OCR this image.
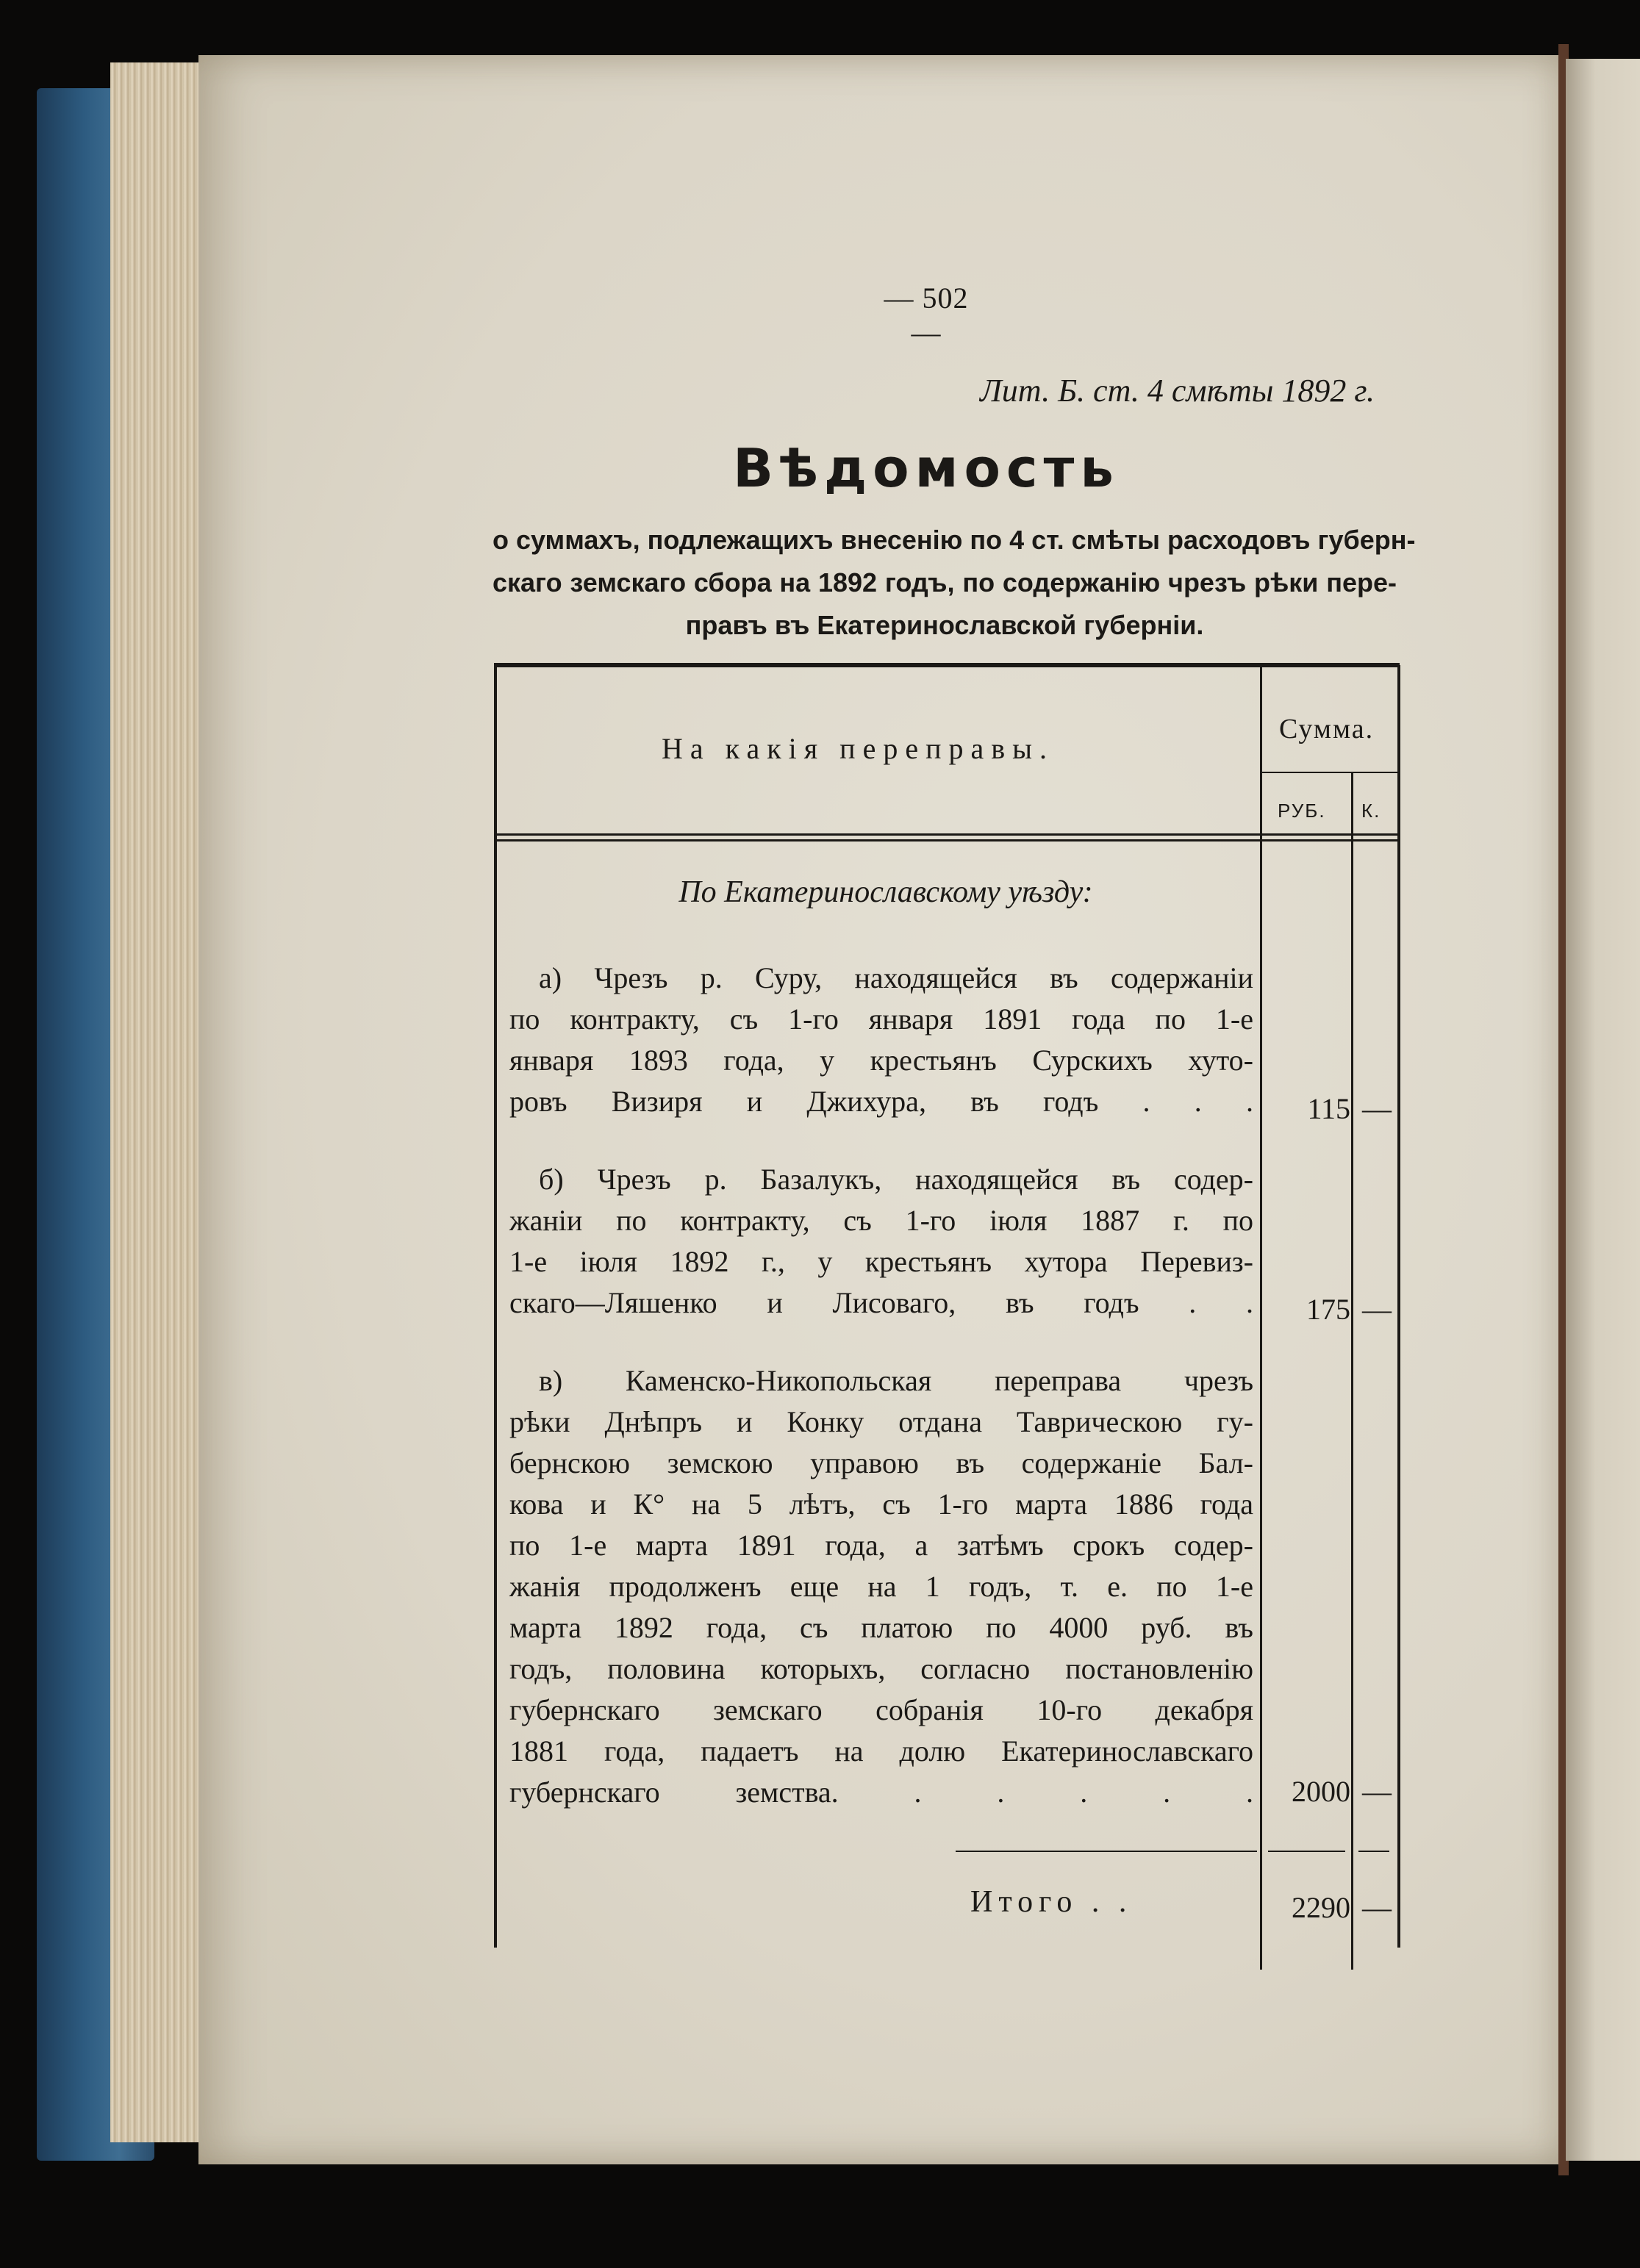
— 502 —
Лит. Б. ст. 4 смѣты 1892 г.
Вѣдомость
о суммахъ, подлежащихъ внесенію по 4 ст. смѣты расходовъ губерн-
скаго земскаго сбора на 1892 годъ, по содержанію чрезъ рѣки пере-
правъ въ Екатеринославской губерніи.
На какія переправы.
Сумма.
РУБ. К.
По Екатеринославскому уѣзду:
а) Чрезъ р. Суру, находящейся въ содержаніи
по контракту, съ 1-го января 1891 года по 1-е
января 1893 года, у крестьянъ Сурскихъ хуто-
ровъ Визиря и Джихура, въ годъ . . .	115 —
б) Чрезъ р. Базалукъ, находящейся въ содер-
жаніи по контракту, съ 1-го іюля 1887 г. по
1-е іюля 1892 г., у крестьянъ хутора Перевиз-
скаго—Ляшенко и Лисоваго, въ годъ . .	175 —
в) Каменско-Никопольская переправа чрезъ
рѣки Днѣпръ и Конку отдана Таврическою гу-
бернскою земскою управою въ содержаніе Бал-
кова и К° на 5 лѣтъ, съ 1-го марта 1886 года
по 1-е марта 1891 года, а затѣмъ срокъ содер-
жанія продолженъ еще на 1 годъ, т. е. по 1-е
марта 1892 года, съ платою по 4000 руб. въ
годъ, половина которыхъ, согласно постановленію
губернскаго земскаго собранія 10-го декабря
1881 года, падаетъ на долю Екатеринославскаго
губернскаго земства. . . . . .	2000 —
Итого . .	2290 —
